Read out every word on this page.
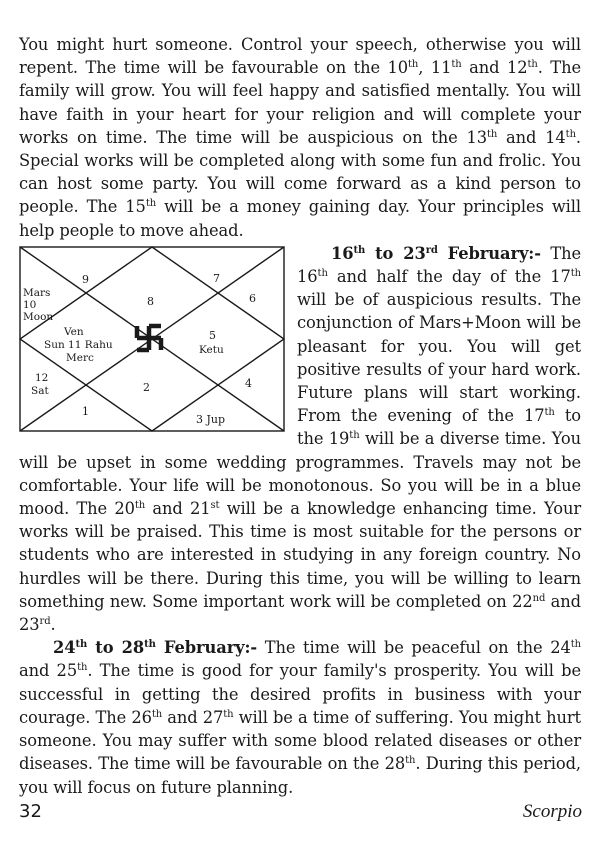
You might hurt someone. Control your speech, otherwise you will repent. The time will be favourable on the 10th, 11th and 12th. The family will grow. You will feel happy and satisfied mentally. You will have faith in your heart for your religion and will complete your works on time. The time will be auspicious on the 13th and 14th. Special works will be completed along with some fun and frolic. You can host some party. You will come forward as a kind person to people. The 15th will be a money gaining day. Your principles will help people to move ahead.

9	7
Mars
10
Moon
8	6
Ven
Sun 11 Rahu
Merc
5
Ketu
12
Sat	2	4
1
3 Jup

16th to 23rd February:- The 16th and half the day of the 17th will be of auspicious results. The conjunction of Mars+Moon will be pleasant for you. You will get positive results of your hard work. Future plans will start working. From the evening of the 17th to the 19th will be a diverse time. You will be upset in some wedding programmes. Travels may not be comfortable. Your life will be monotonous. So you will be in a blue mood. The 20th and 21st will be a knowledge enhancing time. Your works will be praised. This time is most suitable for the persons or students who are interested in studying in any foreign country. No hurdles will be there. During this time, you will be willing to learn something new. Some important work will be completed on 22nd and 23rd.

24th to 28th February:- The time will be peaceful on the 24th and 25th. The time is good for your family's prosperity. You will be successful in getting the desired profits in business with your courage. The 26th and 27th will be a time of suffering. You might hurt someone. You may suffer with some blood related diseases or other diseases. The time will be favourable on the 28th. During this period, you will focus on future planning.

32	Scorpio
